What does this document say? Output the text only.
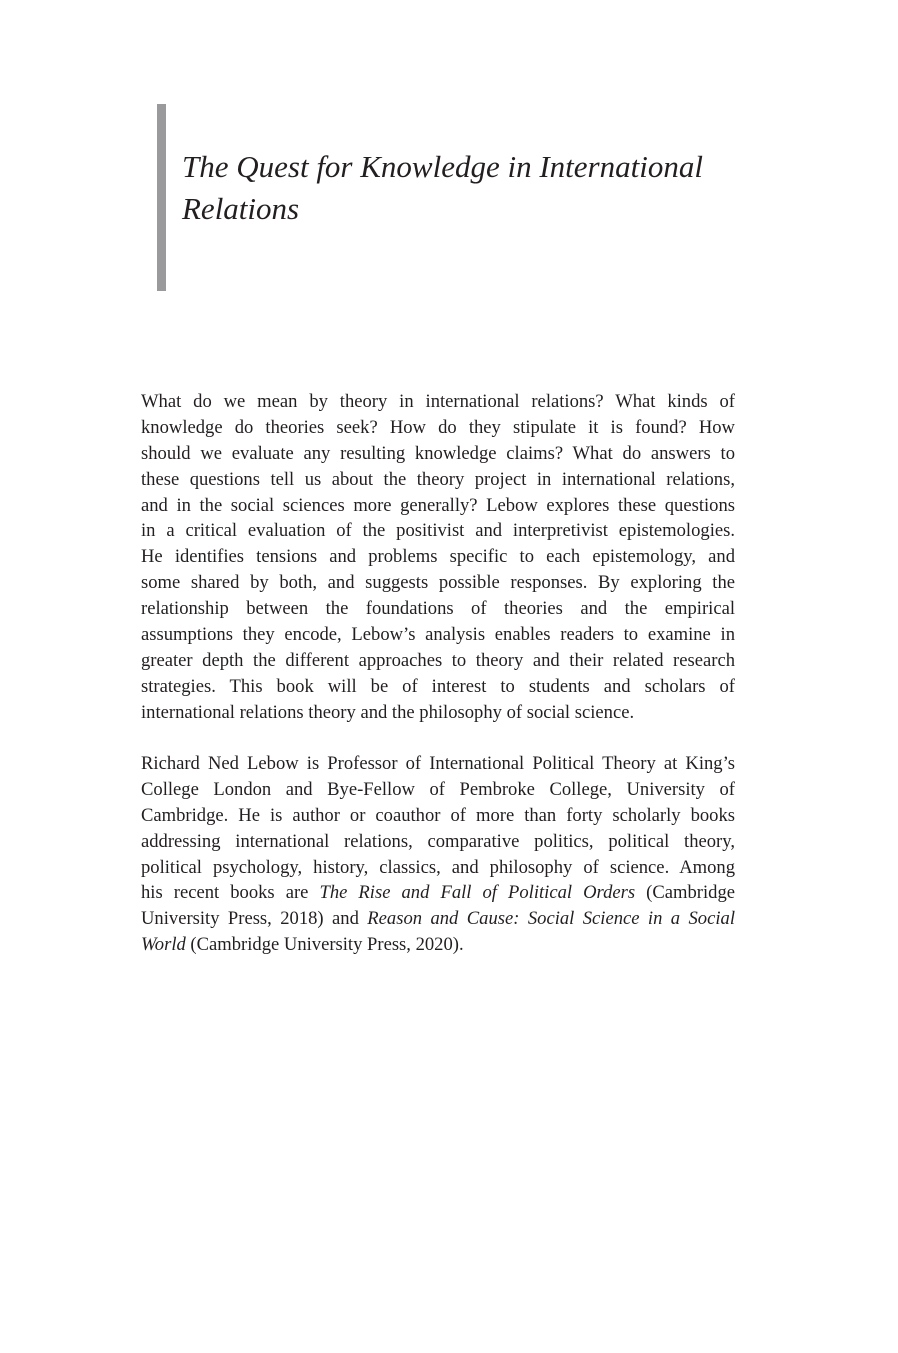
The Quest for Knowledge in International
Relations
What do we mean by theory in international relations? What kinds of
knowledge do theories seek? How do they stipulate it is found? How
should we evaluate any resulting knowledge claims? What do answers to
these questions tell us about the theory project in international relations,
and in the social sciences more generally? Lebow explores these questions
in a critical evaluation of the positivist and interpretivist epistemologies.
He identifies tensions and problems specific to each epistemology, and
some shared by both, and suggests possible responses. By exploring the
relationship between the foundations of theories and the empirical
assumptions they encode, Lebow’s analysis enables readers to examine in
greater depth the different approaches to theory and their related research
strategies. This book will be of interest to students and scholars of
international relations theory and the philosophy of social science.
Richard Ned Lebow is Professor of International Political Theory at King’s
College London and Bye-Fellow of Pembroke College, University of
Cambridge. He is author or coauthor of more than forty scholarly books
addressing international relations, comparative politics, political theory,
political psychology, history, classics, and philosophy of science. Among
his recent books are The Rise and Fall of Political Orders (Cambridge
University Press, 2018) and Reason and Cause: Social Science in a Social
World (Cambridge University Press, 2020).
